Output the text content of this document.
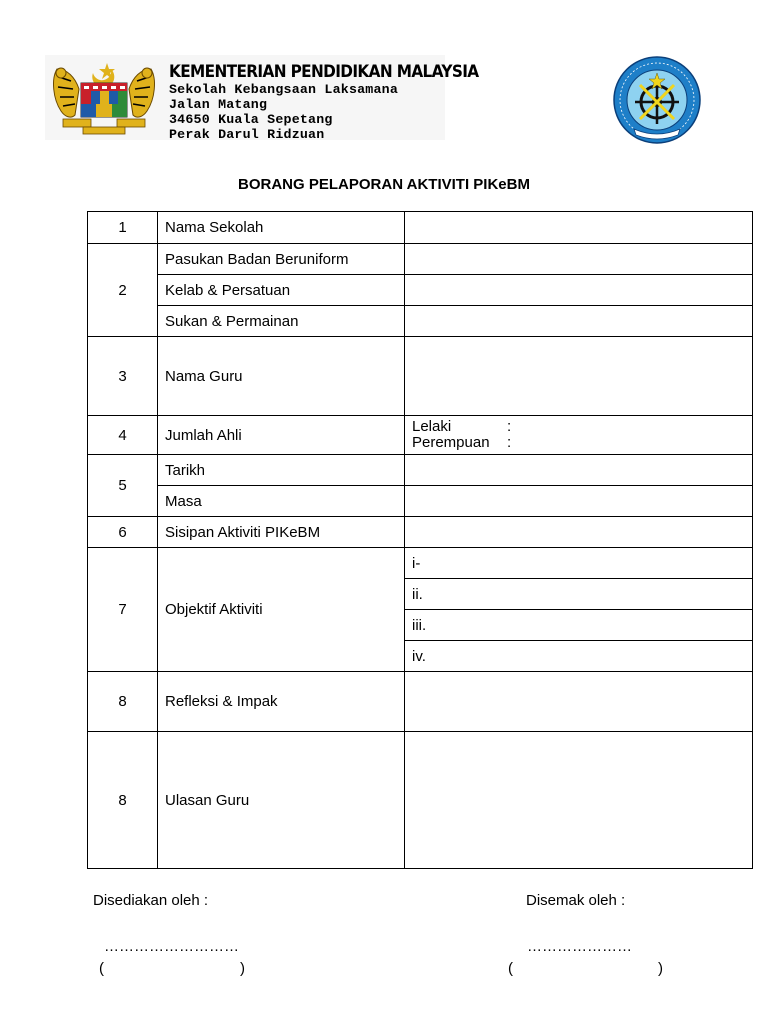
KEMENTERIAN PENDIDIKAN MALAYSIA
Sekolah Kebangsaan Laksamana
Jalan Matang
34650 Kuala Sepetang
Perak Darul Ridzuan
BORANG PELAPORAN AKTIVITI PIKeBM
1	Nama Sekolah	
2	Pasukan Badan Beruniform	
	Kelab & Persatuan	
	Sukan & Permainan	
3	Nama Guru	
4	Jumlah Ahli	Lelaki :
Perempuan :

5	Tarikh	
	Masa	
6	Sisipan Aktiviti PIKeBM	
7	Objektif Aktiviti	i-
		ii.
		iii.
		iv.
8	Refleksi & Impak	
8	Ulasan Guru	
Disediakan oleh :	Disemak oleh :
………………………	…………………
(	)	(	)
